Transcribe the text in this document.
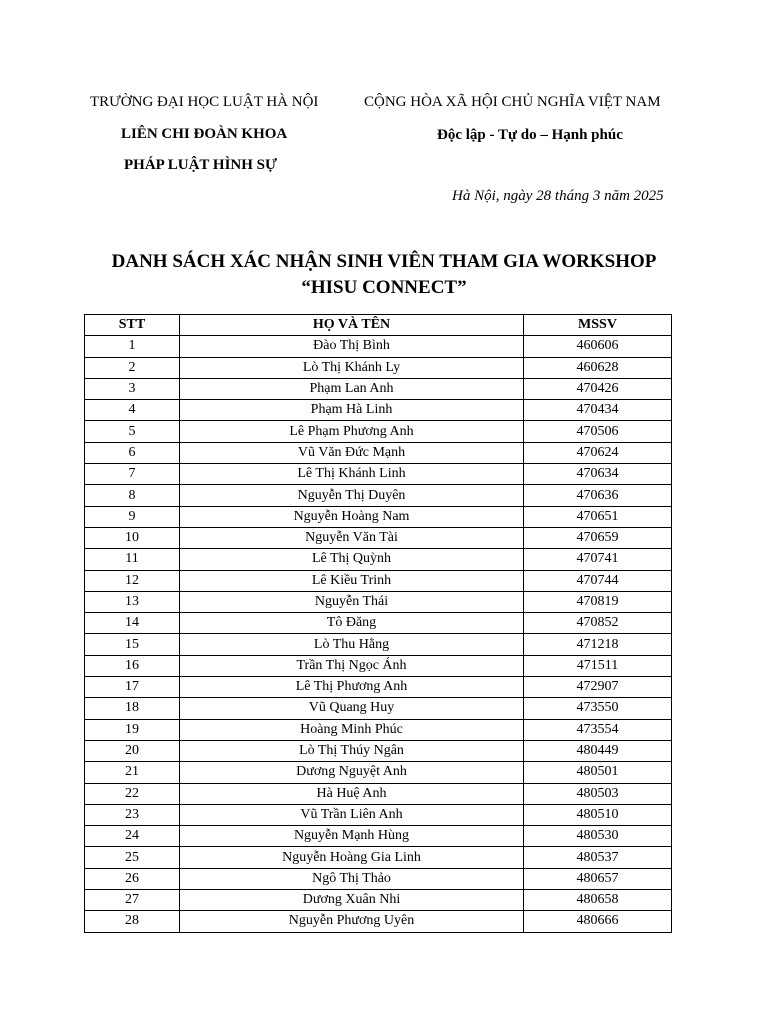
TRƯỜNG ĐẠI HỌC LUẬT HÀ NỘI
LIÊN CHI ĐOÀN KHOA
PHÁP LUẬT HÌNH SỰ
CỘNG HÒA XÃ HỘI CHỦ NGHĨA VIỆT NAM
Độc lập - Tự do – Hạnh phúc
Hà Nội, ngày 28 tháng 3 năm 2025
DANH SÁCH XÁC NHẬN SINH VIÊN THAM GIA WORKSHOP
“HISU CONNECT”
STT	HỌ VÀ TÊN	MSSV
1	Đào Thị Bình	460606
2	Lò Thị Khánh Ly	460628
3	Phạm Lan Anh	470426
4	Phạm Hà Linh	470434
5	Lê Phạm Phương Anh	470506
6	Vũ Văn Đức Mạnh	470624
7	Lê Thị Khánh Linh	470634
8	Nguyễn Thị Duyên	470636
9	Nguyễn Hoàng Nam	470651
10	Nguyễn Văn Tài	470659
11	Lê Thị Quỳnh	470741
12	Lê Kiều Trinh	470744
13	Nguyễn Thái	470819
14	Tô Đăng	470852
15	Lò Thu Hằng	471218
16	Trần Thị Ngọc Ánh	471511
17	Lê Thị Phương Anh	472907
18	Vũ Quang Huy	473550
19	Hoàng Minh Phúc	473554
20	Lò Thị Thúy Ngân	480449
21	Dương Nguyệt Anh	480501
22	Hà Huệ Anh	480503
23	Vũ Trần Liên Anh	480510
24	Nguyễn Mạnh Hùng	480530
25	Nguyễn Hoàng Gia Linh	480537
26	Ngô Thị Thảo	480657
27	Dương Xuân Nhi	480658
28	Nguyễn Phương Uyên	480666
